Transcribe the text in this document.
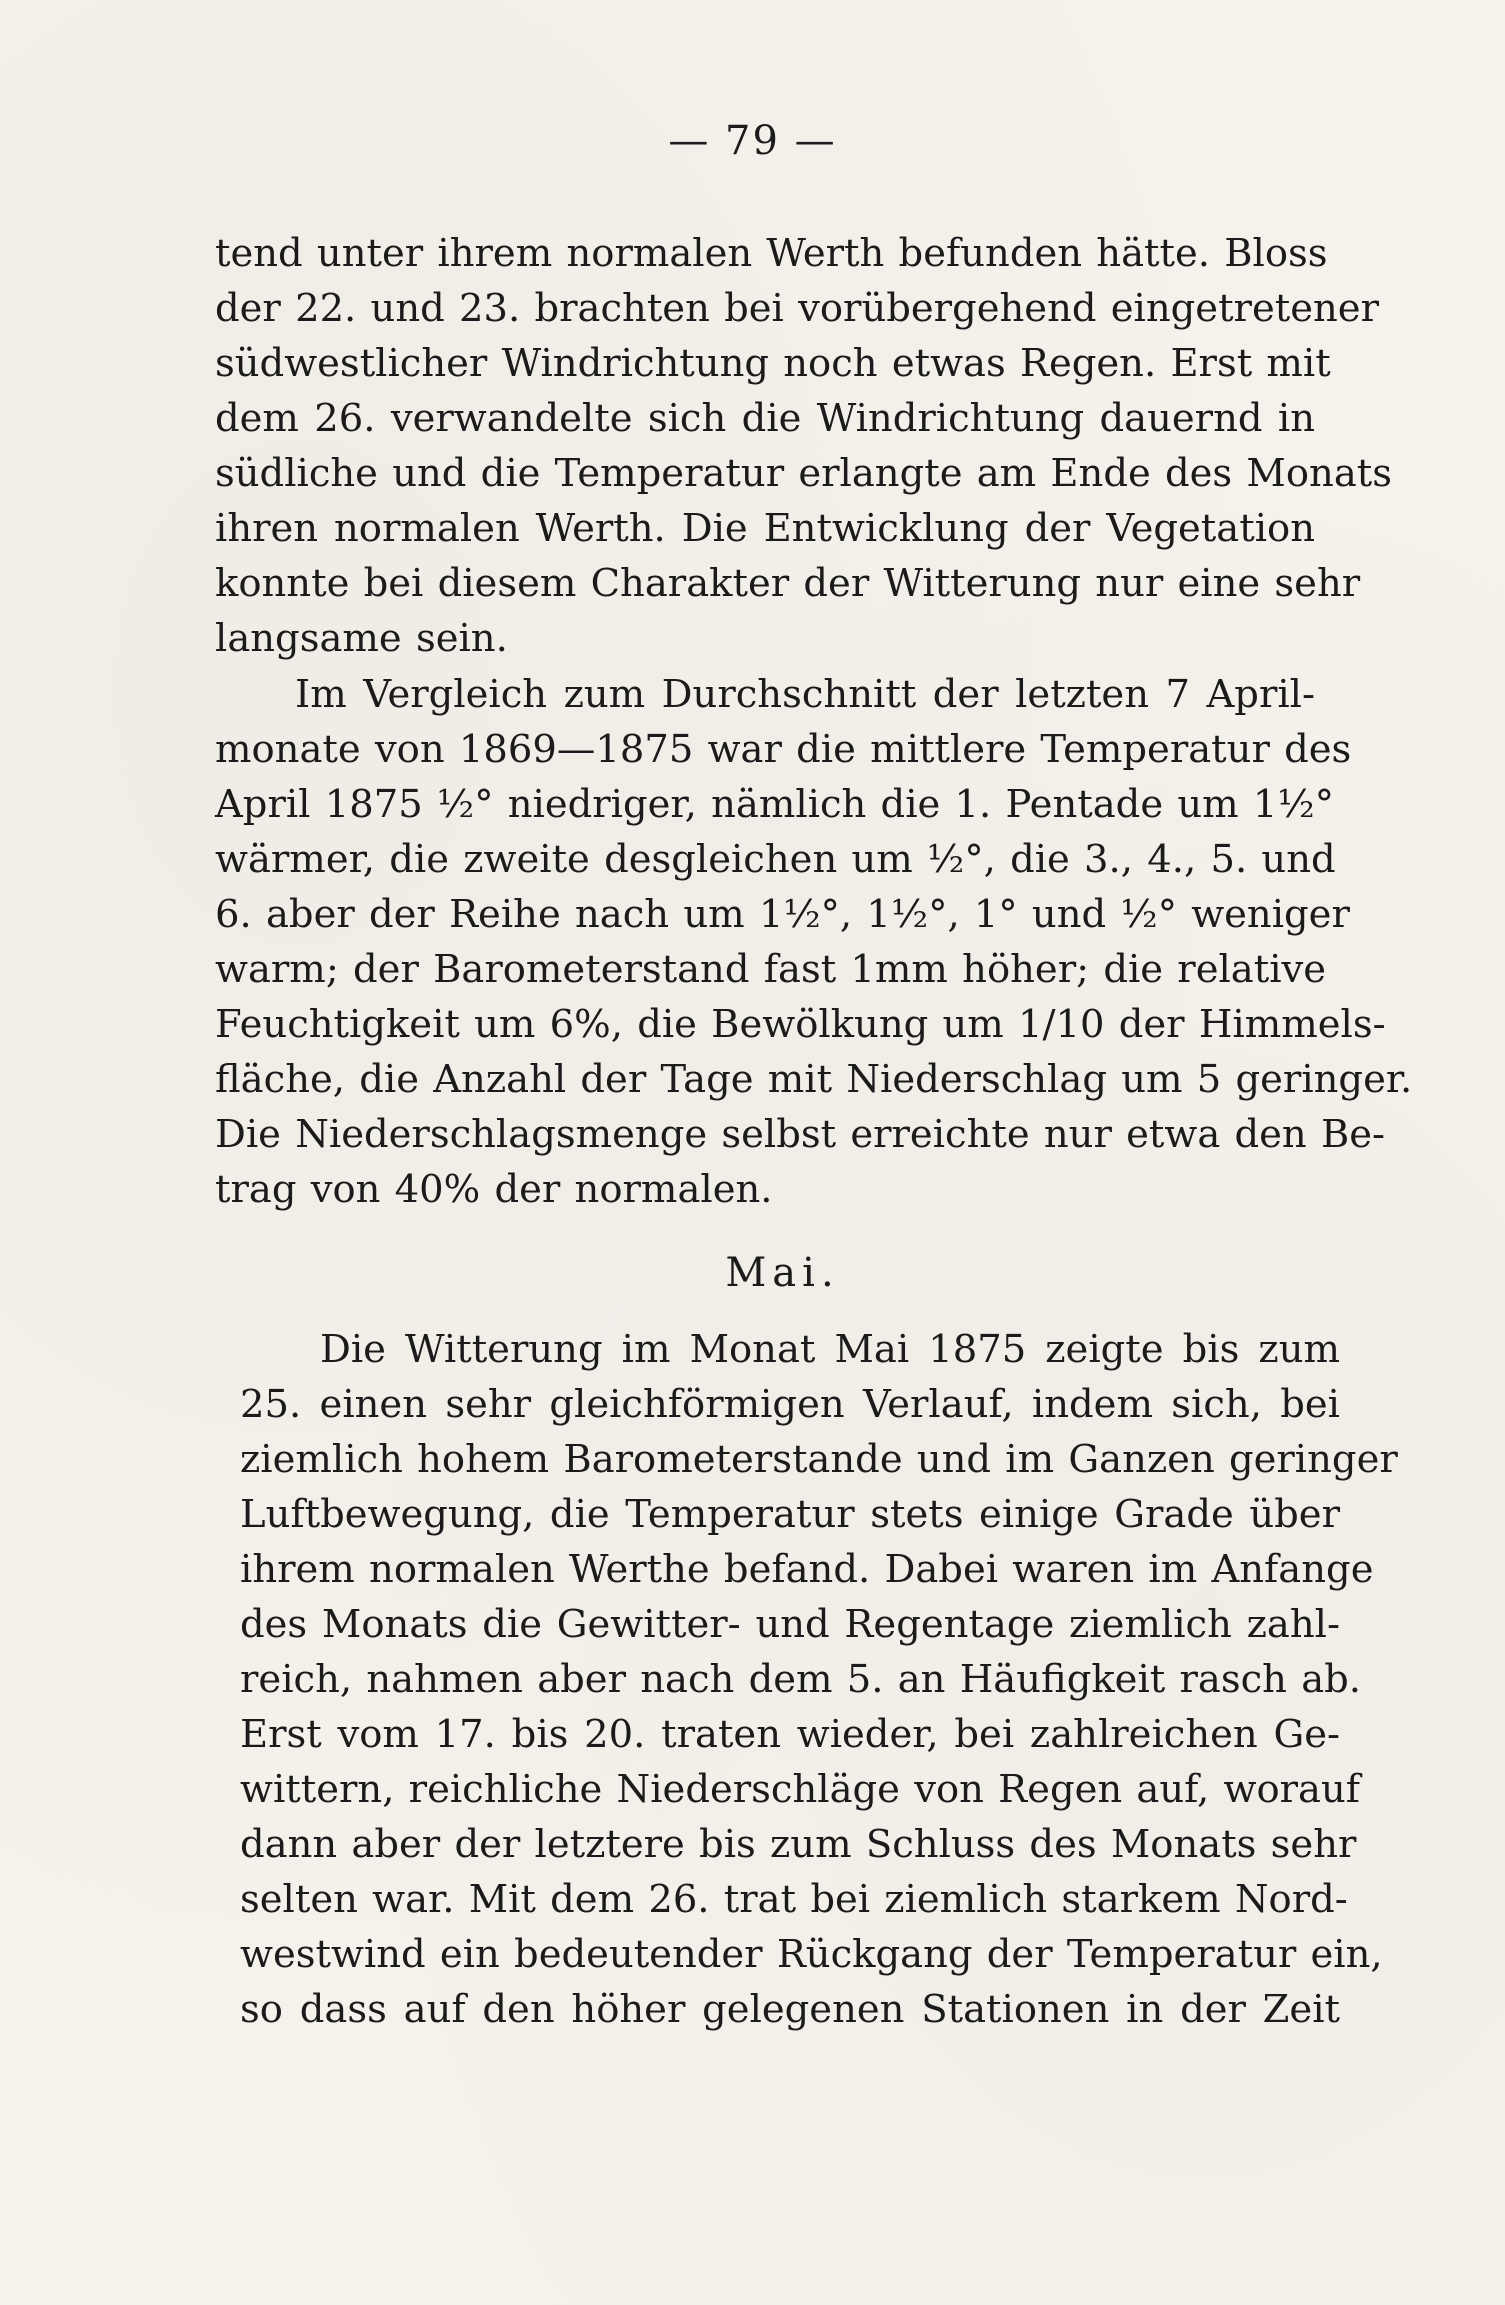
— 79 —
tend unter ihrem normalen Werth befunden hätte. Bloss
der 22. und 23. brachten bei vorübergehend eingetretener
südwestlicher Windrichtung noch etwas Regen. Erst mit
dem 26. verwandelte sich die Windrichtung dauernd in
südliche und die Temperatur erlangte am Ende des Monats
ihren normalen Werth. Die Entwicklung der Vegetation
konnte bei diesem Charakter der Witterung nur eine sehr
langsame sein.
Im Vergleich zum Durchschnitt der letzten 7 April-
monate von 1869—1875 war die mittlere Temperatur des
April 1875 ½° niedriger, nämlich die 1. Pentade um 1½°
wärmer, die zweite desgleichen um ½°, die 3., 4., 5. und
6. aber der Reihe nach um 1½°, 1½°, 1° und ½° weniger
warm; der Barometerstand fast 1mm höher; die relative
Feuchtigkeit um 6%, die Bewölkung um 1/10 der Himmels-
fläche, die Anzahl der Tage mit Niederschlag um 5 geringer.
Die Niederschlagsmenge selbst erreichte nur etwa den Be-
trag von 40% der normalen.
Mai.
Die Witterung im Monat Mai 1875 zeigte bis zum
25. einen sehr gleichförmigen Verlauf, indem sich, bei
ziemlich hohem Barometerstande und im Ganzen geringer
Luftbewegung, die Temperatur stets einige Grade über
ihrem normalen Werthe befand. Dabei waren im Anfange
des Monats die Gewitter- und Regentage ziemlich zahl-
reich, nahmen aber nach dem 5. an Häufigkeit rasch ab.
Erst vom 17. bis 20. traten wieder, bei zahlreichen Ge-
wittern, reichliche Niederschläge von Regen auf, worauf
dann aber der letztere bis zum Schluss des Monats sehr
selten war. Mit dem 26. trat bei ziemlich starkem Nord-
westwind ein bedeutender Rückgang der Temperatur ein,
so dass auf den höher gelegenen Stationen in der Zeit
